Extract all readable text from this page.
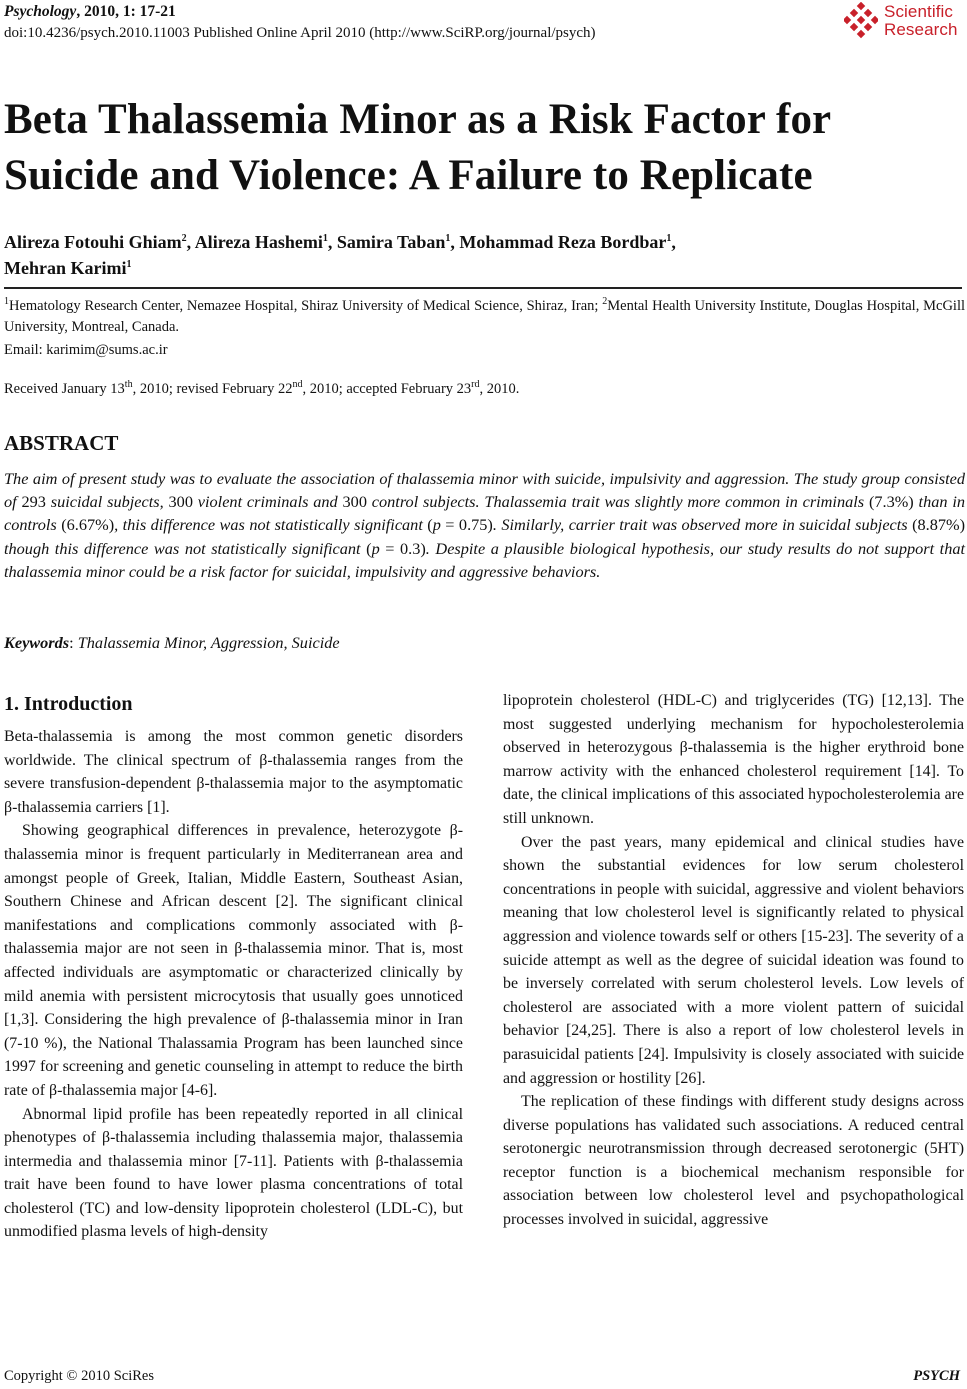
Psychology, 2010, 1: 17-21
doi:10.4236/psych.2010.11003 Published Online April 2010 (http://www.SciRP.org/journal/psych)
Scientific
Research
Beta Thalassemia Minor as a Risk Factor for Suicide and Violence: A Failure to Replicate
Alireza Fotouhi Ghiam$^2$, Alireza Hashemi$^1$, Samira Taban$^1$, Mohammad Reza Bordbar$^1$,
Mehran Karimi$^1$
$^1$Hematology Research Center, Nemazee Hospital, Shiraz University of Medical Science, Shiraz, Iran; $^2$Mental Health University Institute, Douglas Hospital, McGill University, Montreal, Canada.
Email: karimim@sums.ac.ir
Received January 13th, 2010; revised February 22nd, 2010; accepted February 23rd, 2010.
ABSTRACT
The aim of present study was to evaluate the association of thalassemia minor with suicide, impulsivity and aggression. The study group consisted of 293 suicidal subjects, 300 violent criminals and 300 control subjects. Thalassemia trait was slightly more common in criminals (7.3%) than in controls (6.67%), this difference was not statistically significant (p = 0.75). Similarly, carrier trait was observed more in suicidal subjects (8.87%) though this difference was not statistically significant (p = 0.3). Despite a plausible biological hypothesis, our study results do not support that thalassemia minor could be a risk factor for suicidal, impulsivity and aggressive behaviors.
Keywords: Thalassemia Minor, Aggression, Suicide
1. Introduction

Beta-thalassemia is among the most common genetic disorders worldwide. The clinical spectrum of β-thalassemia ranges from the severe transfusion-dependent β-thalassemia major to the asymptomatic β-thalassemia carriers [1].

Showing geographical differences in prevalence, heterozygote β-thalassemia minor is frequent particularly in Mediterranean area and amongst people of Greek, Italian, Middle Eastern, Southeast Asian, Southern Chinese and African descent [2]. The significant clinical manifestations and complications commonly associated with β-thalassemia major are not seen in β-thalassemia minor. That is, most affected individuals are asymptomatic or characterized clinically by mild anemia with persistent microcytosis that usually goes unnoticed [1,3]. Considering the high prevalence of β-thalassemia minor in Iran (7-10 %), the National Thalassamia Program has been launched since 1997 for screening and genetic counseling in attempt to reduce the birth rate of β-thalassemia major [4-6].

Abnormal lipid profile has been repeatedly reported in all clinical phenotypes of β-thalassemia including thalassemia major, thalassemia intermedia and thalassemia minor [7-11]. Patients with β-thalassemia trait have been found to have lower plasma concentrations of total cholesterol (TC) and low-density lipoprotein cholesterol (LDL-C), but unmodified plasma levels of high-density

lipoprotein cholesterol (HDL-C) and triglycerides (TG) [12,13]. The most suggested underlying mechanism for hypocholesterolemia observed in heterozygous β-thalassemia is the higher erythroid bone marrow activity with the enhanced cholesterol requirement [14]. To date, the clinical implications of this associated hypocholesterolemia are still unknown.

Over the past years, many epidemical and clinical studies have shown the substantial evidences for low serum cholesterol concentrations in people with suicidal, aggressive and violent behaviors meaning that low cholesterol level is significantly related to physical aggression and violence towards self or others [15-23]. The severity of a suicide attempt as well as the degree of suicidal ideation was found to be inversely correlated with serum cholesterol levels. Low levels of cholesterol are associated with a more violent pattern of suicidal behavior [24,25]. There is also a report of low cholesterol levels in parasuicidal patients [24]. Impulsivity is closely associated with suicide and aggression or hostility [26].

The replication of these findings with different study designs across diverse populations has validated such associations. A reduced central serotonergic neurotransmission through decreased serotonergic (5HT) receptor function is a biochemical mechanism responsible for association between low cholesterol level and psychopathological processes involved in suicidal, aggressive

Copyright © 2010 SciRes	PSYCH
